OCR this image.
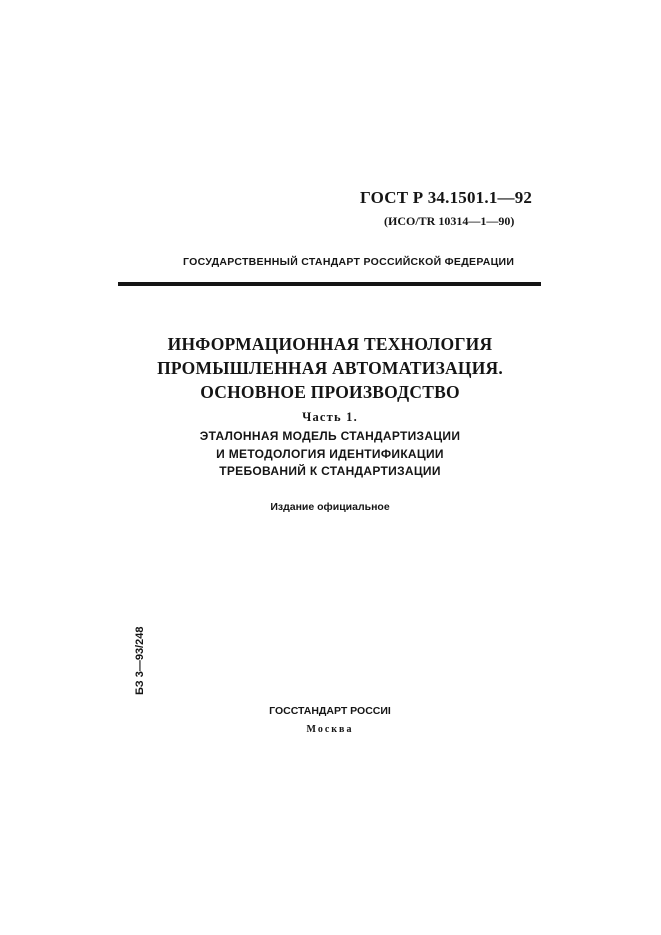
ГОСТ Р 34.1501.1—92
(ИСО/TR 10314—1—90)
ГОСУДАРСТВЕННЫЙ СТАНДАРТ РОССИЙСКОЙ ФЕДЕРАЦИИ
ИНФОРМАЦИОННАЯ ТЕХНОЛОГИЯ
ПРОМЫШЛЕННАЯ АВТОМАТИЗАЦИЯ.
ОСНОВНОЕ ПРОИЗВОДСТВО
Часть 1.
ЭТАЛОННАЯ МОДЕЛЬ СТАНДАРТИЗАЦИИ
И МЕТОДОЛОГИЯ ИДЕНТИФИКАЦИИ
ТРЕБОВАНИЙ К СТАНДАРТИЗАЦИИ
Издание официальное
БЗ 3—93/248
ГОССТАНДАРТ РОССИІ
Москва
